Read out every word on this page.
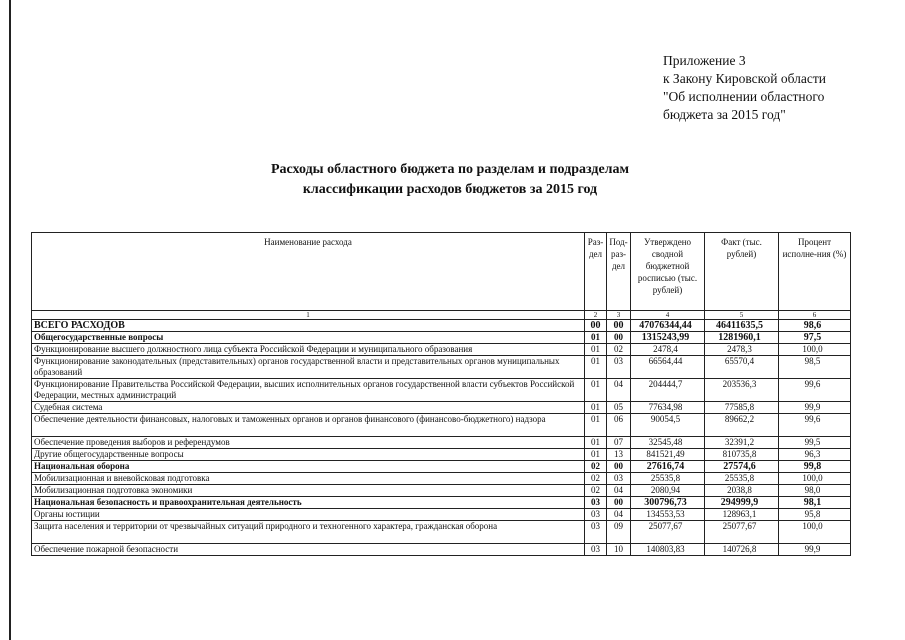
Приложение 3
к Закону Кировской области
"Об исполнении областного
бюджета за 2015 год"
Расходы областного бюджета по разделам и подразделам
классификации расходов бюджетов за 2015 год
Наименование расхода	Раз-дел	Под-раз-дел	Утверждено сводной бюджетной росписью (тыс. рублей)	Факт (тыс. рублей)	Процент исполне-ния (%)
1	2	3	4	5	6
ВСЕГО РАСХОДОВ	00	00	47076344,44	46411635,5	98,6
Общегосударственные вопросы	01	00	1315243,99	1281960,1	97,5
Функционирование высшего должностного лица субъекта Российской Федерации и муниципального образования	01	02	2478,4	2478,3	100,0
Функционирование законодательных (представительных) органов государственной власти и представительных органов муниципальных образований	01	03	66564,44	65570,4	98,5
Функционирование Правительства Российской Федерации, высших исполнительных органов государственной власти субъектов Российской Федерации, местных администраций	01	04	204444,7	203536,3	99,6
Судебная система	01	05	77634,98	77585,8	99,9
Обеспечение деятельности финансовых, налоговых и таможенных органов и органов финансового (финансово-бюджетного) надзора	01	06	90054,5	89662,2	99,6
Обеспечение проведения выборов и референдумов	01	07	32545,48	32391,2	99,5
Другие общегосударственные вопросы	01	13	841521,49	810735,8	96,3
Национальная оборона	02	00	27616,74	27574,6	99,8
Мобилизационная и вневойсковая подготовка	02	03	25535,8	25535,8	100,0
Мобилизационная подготовка экономики	02	04	2080,94	2038,8	98,0
Национальная безопасность и правоохранительная деятельность	03	00	300796,73	294999,9	98,1
Органы юстиции	03	04	134553,53	128963,1	95,8
Защита населения и территории от чрезвычайных ситуаций природного и техногенного характера, гражданская оборона	03	09	25077,67	25077,67	100,0
Обеспечение пожарной безопасности	03	10	140803,83	140726,8	99,9
